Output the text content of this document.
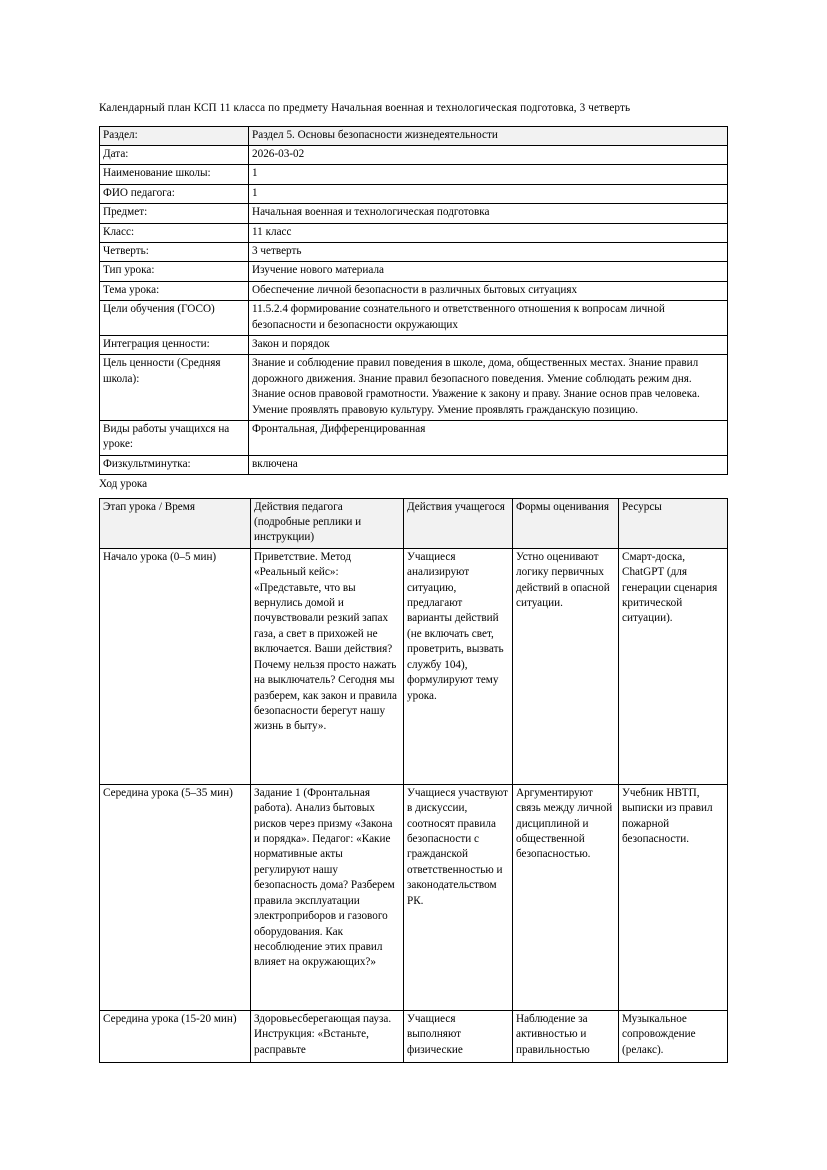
Календарный план КСП 11 класса по предмету Начальная военная и технологическая подготовка, 3 четверть

Раздел:	Раздел 5. Основы безопасности жизнедеятельности
Дата:	2026-03-02
Наименование школы:	1
ФИО педагога:	1
Предмет:	Начальная военная и технологическая подготовка
Класс:	11 класс
Четверть:	3 четверть
Тип урока:	Изучение нового материала
Тема урока:	Обеспечение личной безопасности в различных бытовых ситуациях
Цели обучения (ГОСО)	11.5.2.4 формирование сознательного и ответственного отношения к вопросам личной безопасности и безопасности окружающих
Интеграция ценности:	Закон и порядок
Цель ценности (Средняя школа):	Знание и соблюдение правил поведения в школе, дома, общественных местах. Знание правил дорожного движения. Знание правил безопасного поведения. Умение соблюдать режим дня. Знание основ правовой грамотности. Уважение к закону и праву. Знание основ прав человека. Умение проявлять правовую культуру. Умение проявлять гражданскую позицию.
Виды работы учащихся на уроке:	Фронтальная, Дифференцированная
Физкультминутка:	включена

Ход урока

Этап урока / Время	Действия педагога (подробные реплики и инструкции)	Действия учащегося	Формы оценивания	Ресурсы
Начало урока (0–5 мин)	Приветствие. Метод «Реальный кейс»: «Представьте, что вы вернулись домой и почувствовали резкий запах газа, а свет в прихожей не включается. Ваши действия? Почему нельзя просто нажать на выключатель? Сегодня мы разберем, как закон и правила безопасности берегут нашу жизнь в быту».	Учащиеся анализируют ситуацию, предлагают варианты действий (не включать свет, проветрить, вызвать службу 104), формулируют тему урока.	Устно оценивают логику первичных действий в опасной ситуации.	Смарт-доска, ChatGPT (для генерации сценария критической ситуации).
Середина урока (5–35 мин)	Задание 1 (Фронтальная работа). Анализ бытовых рисков через призму «Закона и порядка». Педагог: «Какие нормативные акты регулируют нашу безопасность дома? Разберем правила эксплуатации электроприборов и газового оборудования. Как несоблюдение этих правил влияет на окружающих?»	Учащиеся участвуют в дискуссии, соотносят правила безопасности с гражданской ответственностью и законодательством РК.	Аргументируют связь между личной дисциплиной и общественной безопасностью.	Учебник НВТП, выписки из правил пожарной безопасности.
Середина урока (15-20 мин)	Здоровьесберегающая пауза. Инструкция: «Встаньте, расправьте	Учащиеся выполняют физические	Наблюдение за активностью и правильностью	Музыкальное сопровождение (релакс).
